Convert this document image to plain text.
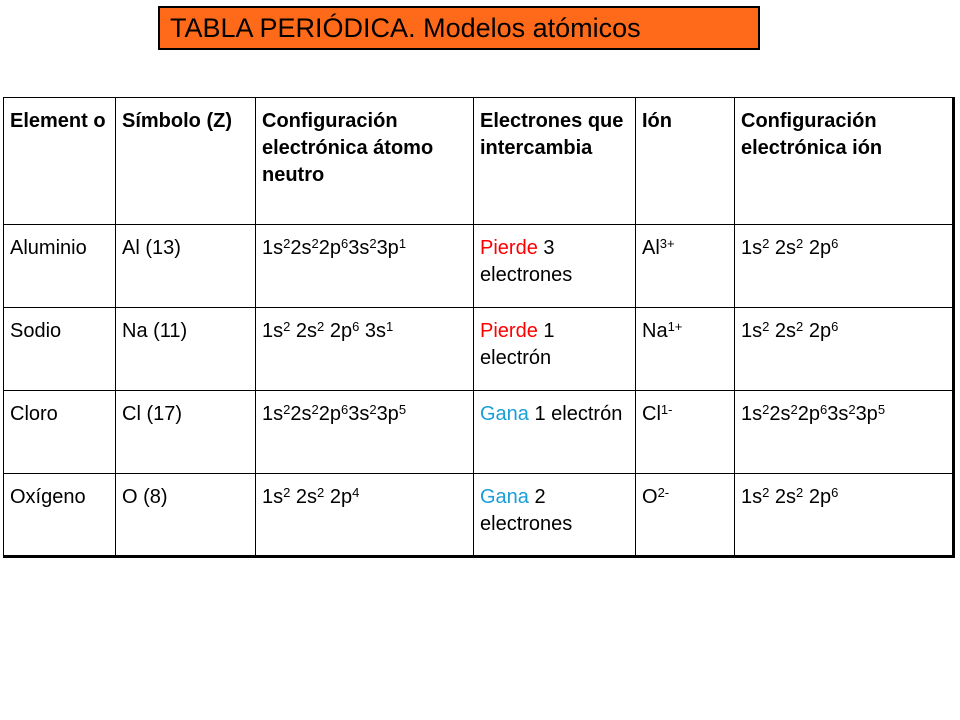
TABLA PERIÓDICA. Modelos atómicos
Element o	Símbolo (Z)	Configuración electrónica átomo neutro	Electrones que intercambia	Ión	Configuración electrónica ión
Aluminio	Al (13)	$1s^22s^22p^63s^23p^1$	Pierde 3 electrones	$Al^{3+}$	$1s^2$ $2s^2$ $2p^6$
Sodio	Na (11)	$1s^2$ $2s^2$ $2p^6$ $3s^1$	Pierde 1 electrón	$Na^{1+}$	$1s^2$ $2s^2$ $2p^6$
Cloro	Cl (17)	$1s^22s^22p^63s^23p^5$	Gana 1 electrón	$Cl^{1-}$	$1s^22s^22p^63s^23p^5$
Oxígeno	O (8)	$1s^2$ $2s^2$ $2p^4$	Gana 2 electrones	$O^{2-}$	$1s^2$ $2s^2$ $2p^6$
